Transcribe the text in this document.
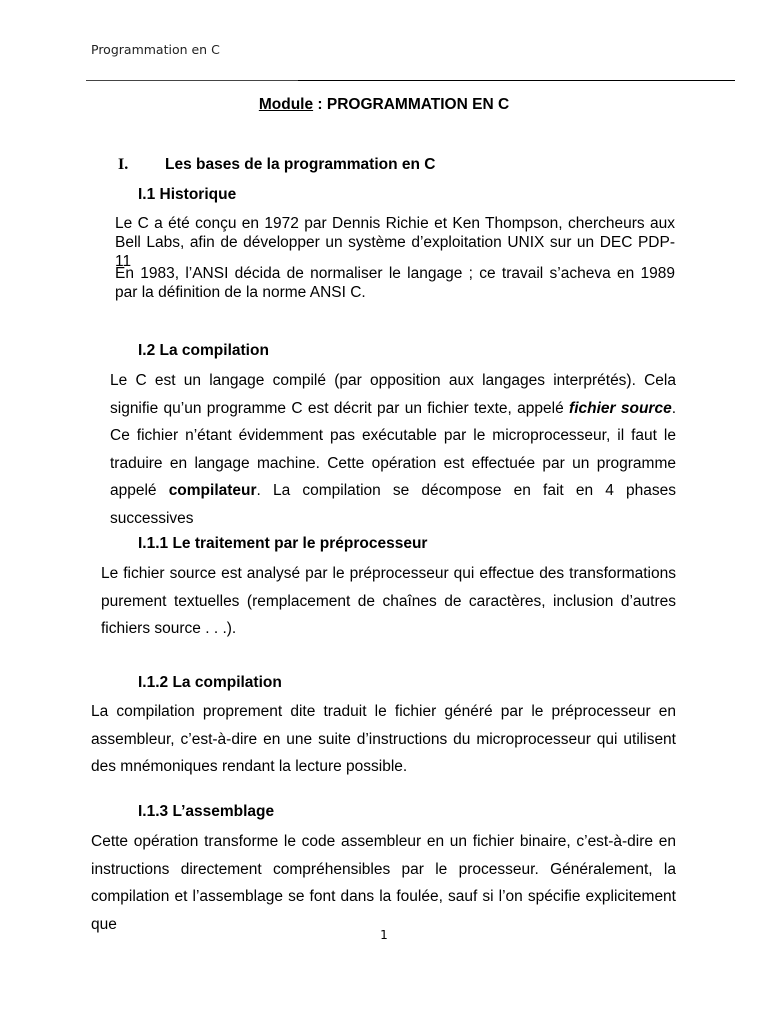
Programmation en C
Module : PROGRAMMATION EN C
I. Les bases de la programmation en C
I.1 Historique
Le C a été conçu en 1972 par Dennis Richie et Ken Thompson, chercheurs aux Bell Labs, afin de développer un système d’exploitation UNIX sur un DEC PDP-11
En 1983, l’ANSI décida de normaliser le langage ; ce travail s’acheva en 1989 par la définition de la norme ANSI C.
I.2 La compilation
Le C est un langage compilé (par opposition aux langages interprétés). Cela signifie qu’un programme C est décrit par un fichier texte, appelé fichier source. Ce fichier n’étant évidemment pas exécutable par le microprocesseur, il faut le traduire en langage machine. Cette opération est effectuée par un programme appelé compilateur. La compilation se décompose en fait en 4 phases successives
I.1.1 Le traitement par le préprocesseur
Le fichier source est analysé par le préprocesseur qui effectue des transformations purement textuelles (remplacement de chaînes de caractères, inclusion d’autres fichiers source . . .).
I.1.2 La compilation
La compilation proprement dite traduit le fichier généré par le préprocesseur en assembleur, c’est-à-dire en une suite d’instructions du microprocesseur qui utilisent des mnémoniques rendant la lecture possible.
I.1.3 L’assemblage
Cette opération transforme le code assembleur en un fichier binaire, c’est-à-dire en instructions directement compréhensibles par le processeur. Généralement, la compilation et l’assemblage se font dans la foulée, sauf si l’on spécifie explicitement que
1
